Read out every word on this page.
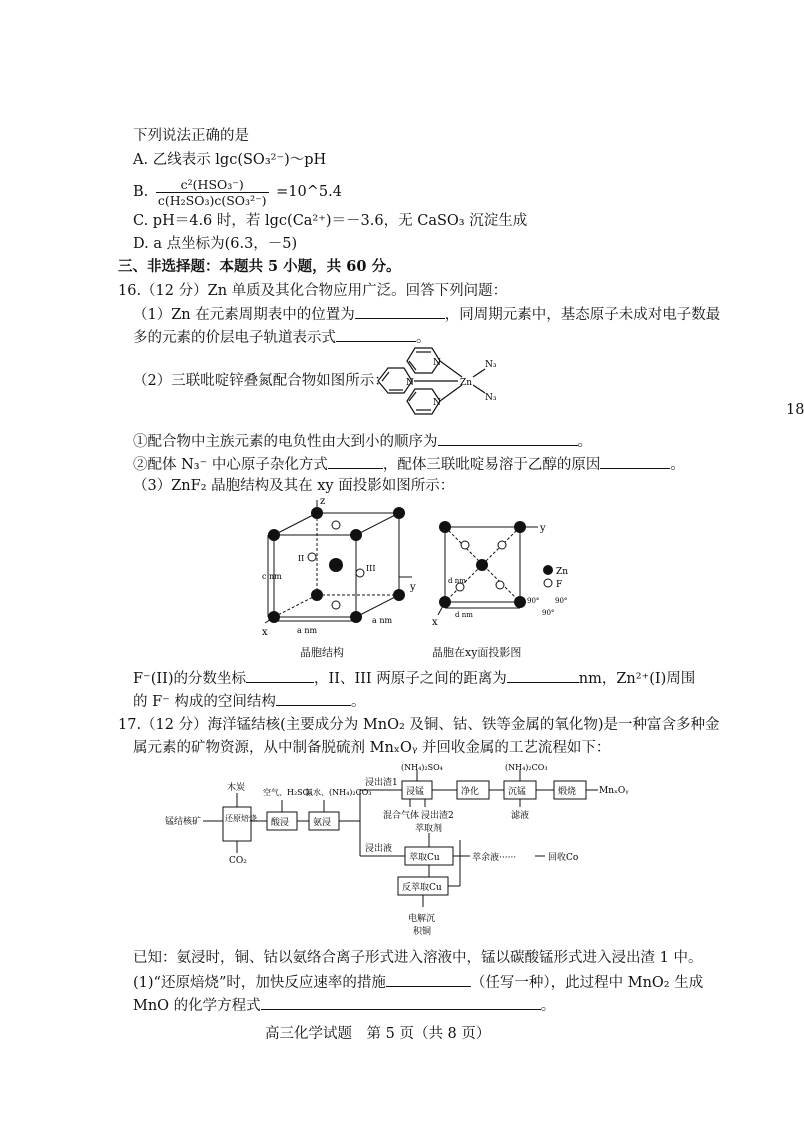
下列说法正确的是
A. 乙线表示 lgc(SO₃²⁻)～pH
B. $\frac{\text{c²(HSO₃⁻)}}{\text{c(H₂SO₃)c(SO₃²⁻)}}$ =10^5.4
C. pH＝4.6 时，若 lgc(Ca²⁺)＝－3.6，无 CaSO₃ 沉淀生成
D. a 点坐标为(6.3，－5)
三、非选择题：本题共 5 小题，共 60 分。
16.（12 分）Zn 单质及其化合物应用广泛。回答下列问题：
（1）Zn 在元素周期表中的位置为	，同周期元素中，基态原子未成对电子数最
多的元素的价层电子轨道表示式	。
（2）三联吡啶锌叠氮配合物如图所示：
N
N
N
Zn
N₃
N₃
①配合物中主族元素的电负性由大到小的顺序为	。
②配体 N₃⁻ 中心原子杂化方式	，配体三联吡啶易溶于乙醇的原因	。
（3）ZnF₂ 晶胞结构及其在 xy 面投影如图所示：
z
y
x
c nm
a nm
a nm
I
II
III
晶胞结构
y
x
d nm
d nm
Zn
F
90° 90°
90°
晶胞在xy面投影图
F⁻(II)的分数坐标	，II、III 两原子之间的距离为	nm，Zn²⁺(I)周围
的 F⁻ 构成的空间结构	。
17.（12 分）海洋锰结核(主要成分为 MnO₂ 及铜、钴、铁等金属的氧化物)是一种富含多种金
属元素的矿物资源，从中制备脱硫剂 MnₓOᵧ 并回收金属的工艺流程如下：
锰结核矿
木炭
还原焙烧
CO₂
空气、H₂SO₄
酸浸
氨水、(NH₄)₂CO₃
氨浸
浸出渣1
(NH₄)₂SO₄
浸锰
混合气体 浸出渣2
净化
(NH₄)₂CO₃
沉锰
滤液
煅烧	MnₓOᵧ
浸出液
萃取剂
萃取Cu	萃余液······	回收Co
反萃取Cu
电解沉
积铜
已知：氨浸时，铜、钴以氨络合离子形式进入溶液中，锰以碳酸锰形式进入浸出渣 1 中。
(1)“还原焙烧”时，加快反应速率的措施	（任写一种），此过程中 MnO₂ 生成
MnO 的化学方程式	。
高三化学试题　第 5 页（共 8 页）
18
